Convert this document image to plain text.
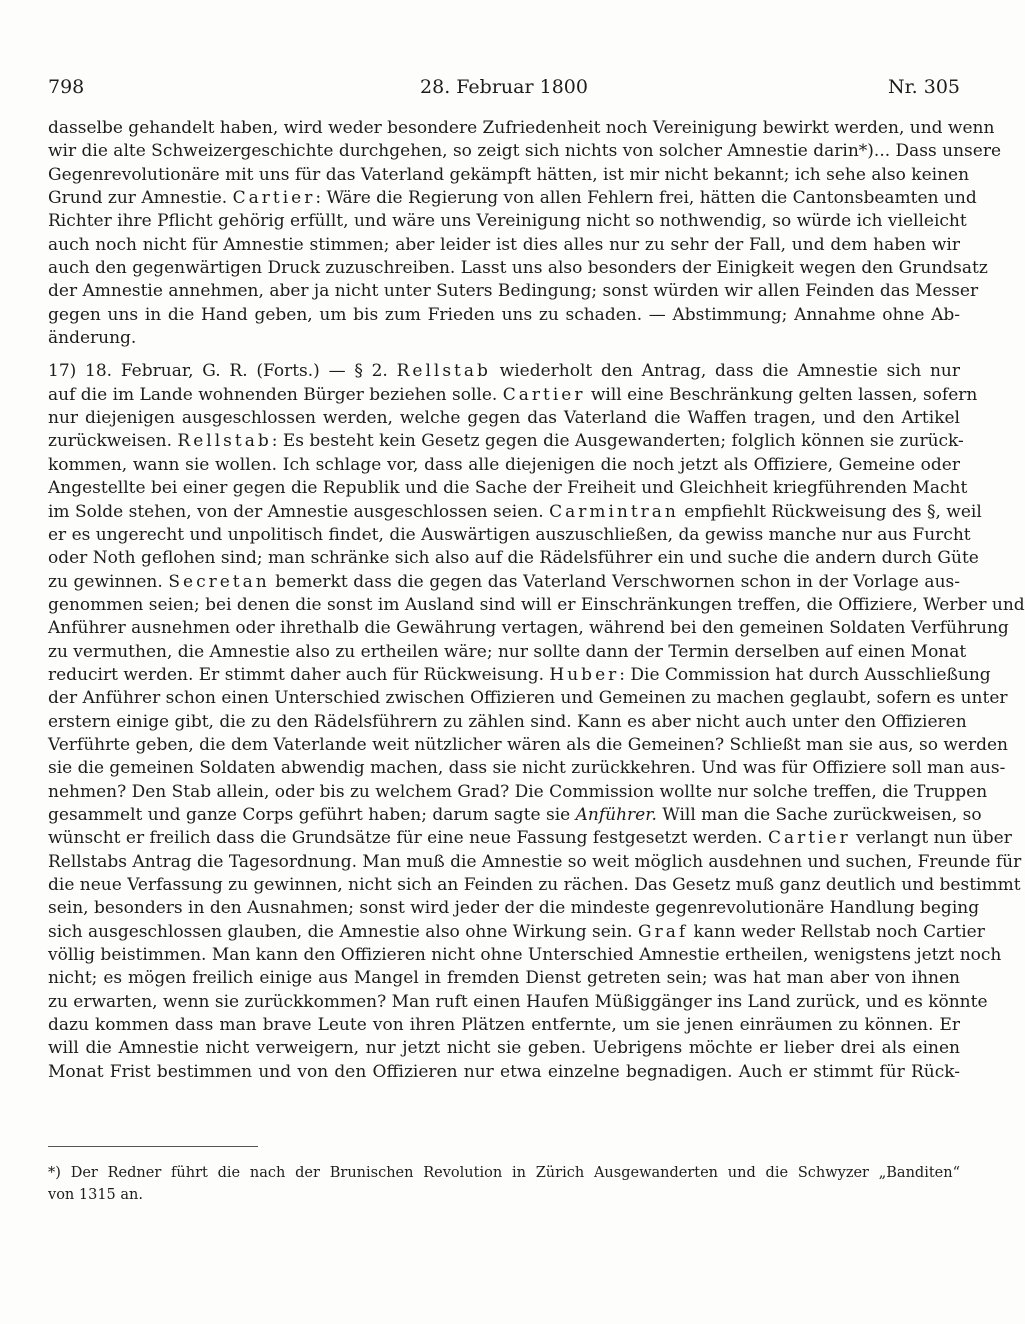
798	28. Februar 1800	Nr. 305
dasselbe gehandelt haben, wird weder besondere Zufriedenheit noch Vereinigung bewirkt werden, und wenn
wir die alte Schweizergeschichte durchgehen, so zeigt sich nichts von solcher Amnestie darin*)... Dass unsere
Gegenrevolutionäre mit uns für das Vaterland gekämpft hätten, ist mir nicht bekannt; ich sehe also keinen
Grund zur Amnestie. Cartier: Wäre die Regierung von allen Fehlern frei, hätten die Cantonsbeamten und
Richter ihre Pflicht gehörig erfüllt, und wäre uns Vereinigung nicht so nothwendig, so würde ich vielleicht
auch noch nicht für Amnestie stimmen; aber leider ist dies alles nur zu sehr der Fall, und dem haben wir
auch den gegenwärtigen Druck zuzuschreiben. Lasst uns also besonders der Einigkeit wegen den Grundsatz
der Amnestie annehmen, aber ja nicht unter Suters Bedingung; sonst würden wir allen Feinden das Messer
gegen uns in die Hand geben, um bis zum Frieden uns zu schaden. — Abstimmung; Annahme ohne Ab-
änderung.
17) 18. Februar, G. R. (Forts.) — § 2. Rellstab wiederholt den Antrag, dass die Amnestie sich nur
auf die im Lande wohnenden Bürger beziehen solle. Cartier will eine Beschränkung gelten lassen, sofern
nur diejenigen ausgeschlossen werden, welche gegen das Vaterland die Waffen tragen, und den Artikel
zurückweisen. Rellstab: Es besteht kein Gesetz gegen die Ausgewanderten; folglich können sie zurück-
kommen, wann sie wollen. Ich schlage vor, dass alle diejenigen die noch jetzt als Offiziere, Gemeine oder
Angestellte bei einer gegen die Republik und die Sache der Freiheit und Gleichheit kriegführenden Macht
im Solde stehen, von der Amnestie ausgeschlossen seien. Carmintran empfiehlt Rückweisung des §, weil
er es ungerecht und unpolitisch findet, die Auswärtigen auszuschließen, da gewiss manche nur aus Furcht
oder Noth geflohen sind; man schränke sich also auf die Rädelsführer ein und suche die andern durch Güte
zu gewinnen. Secretan bemerkt dass die gegen das Vaterland Verschwornen schon in der Vorlage aus-
genommen seien; bei denen die sonst im Ausland sind will er Einschränkungen treffen, die Offiziere, Werber und
Anführer ausnehmen oder ihrethalb die Gewährung vertagen, während bei den gemeinen Soldaten Verführung
zu vermuthen, die Amnestie also zu ertheilen wäre; nur sollte dann der Termin derselben auf einen Monat
reducirt werden. Er stimmt daher auch für Rückweisung. Huber: Die Commission hat durch Ausschließung
der Anführer schon einen Unterschied zwischen Offizieren und Gemeinen zu machen geglaubt, sofern es unter
erstern einige gibt, die zu den Rädelsführern zu zählen sind. Kann es aber nicht auch unter den Offizieren
Verführte geben, die dem Vaterlande weit nützlicher wären als die Gemeinen? Schließt man sie aus, so werden
sie die gemeinen Soldaten abwendig machen, dass sie nicht zurückkehren. Und was für Offiziere soll man aus-
nehmen? Den Stab allein, oder bis zu welchem Grad? Die Commission wollte nur solche treffen, die Truppen
gesammelt und ganze Corps geführt haben; darum sagte sie Anführer. Will man die Sache zurückweisen, so
wünscht er freilich dass die Grundsätze für eine neue Fassung festgesetzt werden. Cartier verlangt nun über
Rellstabs Antrag die Tagesordnung. Man muß die Amnestie so weit möglich ausdehnen und suchen, Freunde für
die neue Verfassung zu gewinnen, nicht sich an Feinden zu rächen. Das Gesetz muß ganz deutlich und bestimmt
sein, besonders in den Ausnahmen; sonst wird jeder der die mindeste gegenrevolutionäre Handlung beging
sich ausgeschlossen glauben, die Amnestie also ohne Wirkung sein. Graf kann weder Rellstab noch Cartier
völlig beistimmen. Man kann den Offizieren nicht ohne Unterschied Amnestie ertheilen, wenigstens jetzt noch
nicht; es mögen freilich einige aus Mangel in fremden Dienst getreten sein; was hat man aber von ihnen
zu erwarten, wenn sie zurückkommen? Man ruft einen Haufen Müßiggänger ins Land zurück, und es könnte
dazu kommen dass man brave Leute von ihren Plätzen entfernte, um sie jenen einräumen zu können. Er
will die Amnestie nicht verweigern, nur jetzt nicht sie geben. Uebrigens möchte er lieber drei als einen
Monat Frist bestimmen und von den Offizieren nur etwa einzelne begnadigen. Auch er stimmt für Rück-
*) Der Redner führt die nach der Brunischen Revolution in Zürich Ausgewanderten und die Schwyzer „Banditen“
von 1315 an.
